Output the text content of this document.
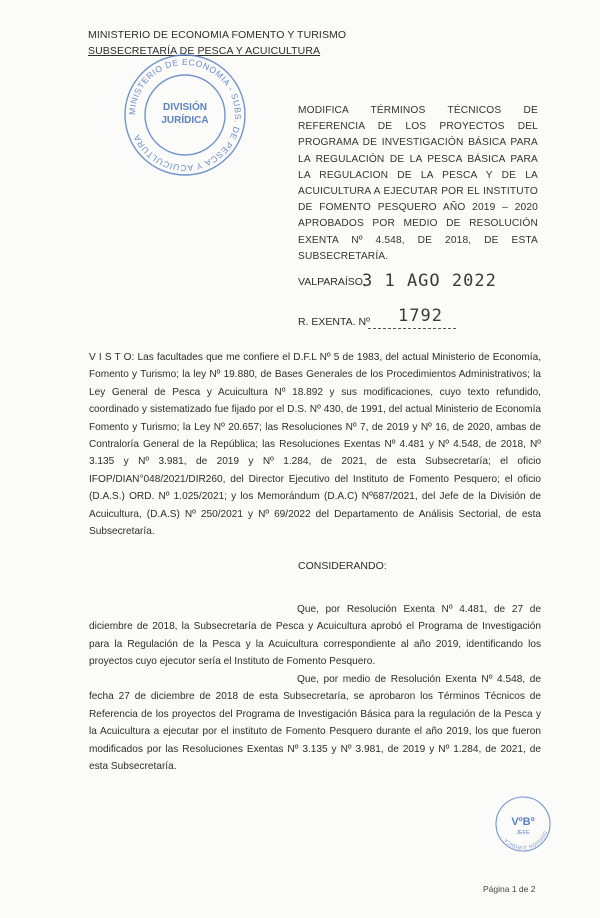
MINISTERIO DE ECONOMIA FOMENTO Y TURISMO
SUBSECRETARÍA DE PESCA Y ACUICULTURA
MINISTERIO DE ECONOMIA - SUBS. DE PESCA Y ACUICULTURA
DIVISIÓN
JURÍDICA
MODIFICA TÉRMINOS TÉCNICOS DE REFERENCIA DE LOS PROYECTOS DEL PROGRAMA DE INVESTIGACIÓN BÁSICA PARA LA REGULACIÓN DE LA PESCA BÁSICA PARA LA REGULACION DE LA PESCA Y DE LA ACUICULTURA A EJECUTAR POR EL INSTITUTO DE FOMENTO PESQUERO AÑO 2019 – 2020 APROBADOS POR MEDIO DE RESOLUCIÓN EXENTA Nº 4.548, DE 2018, DE ESTA SUBSECRETARÍA.
VALPARAÍSO,
3 1 AGO 2022
R. EXENTA. Nº 1792
V I S T O: Las facultades que me confiere el D.F.L Nº 5 de 1983, del actual Ministerio de Economía, Fomento y Turismo; la ley Nº 19.880, de Bases Generales de los Procedimientos Administrativos; la Ley General de Pesca y Acuicultura Nº 18.892 y sus modificaciones, cuyo texto refundido, coordinado y sistematizado fue fijado por el D.S. Nº 430, de 1991, del actual Ministerio de Economía Fomento y Turismo; la Ley Nº 20.657; las Resoluciones Nº 7, de 2019 y Nº 16, de 2020, ambas de Contraloría General de la República; las Resoluciones Exentas Nº 4.481 y Nº 4.548, de 2018, Nº 3.135 y Nº 3.981, de 2019 y Nº 1.284, de 2021, de esta Subsecretaría; el oficio IFOP/DIAN°048/2021/DIR260, del Director Ejecutivo del Instituto de Fomento Pesquero; el oficio (D.A.S.) ORD. Nº 1.025/2021; y los Memorándum (D.A.C) Nº687/2021, del Jefe de la División de Acuicultura, (D.A.S) Nº 250/2021 y Nº 69/2022 del Departamento de Análisis Sectorial, de esta Subsecretaría.
CONSIDERANDO:
Que, por Resolución Exenta Nº 4.481, de 27 de diciembre de 2018, la Subsecretaría de Pesca y Acuicultura aprobó el Programa de Investigación para la Regulación de la Pesca y la Acuicultura correspondiente al año 2019, identificando los proyectos cuyo ejecutor sería el Instituto de Fomento Pesquero.
Que, por medio de Resolución Exenta Nº 4.548, de fecha 27 de diciembre de 2018 de esta Subsecretaría, se aprobaron los Términos Técnicos de Referencia de los proyectos del Programa de Investigación Básica para la regulación de la Pesca y la Acuicultura a ejecutar por el instituto de Fomento Pesquero durante el año 2019, los que fueron modificados por las Resoluciones Exentas Nº 3.135 y Nº 3.981, de 2019 y Nº 1.284, de 2021, de esta Subsecretaría.
DIVISIÓN JURÍDICA
VºBº
JEFE
Página 1 de 2
